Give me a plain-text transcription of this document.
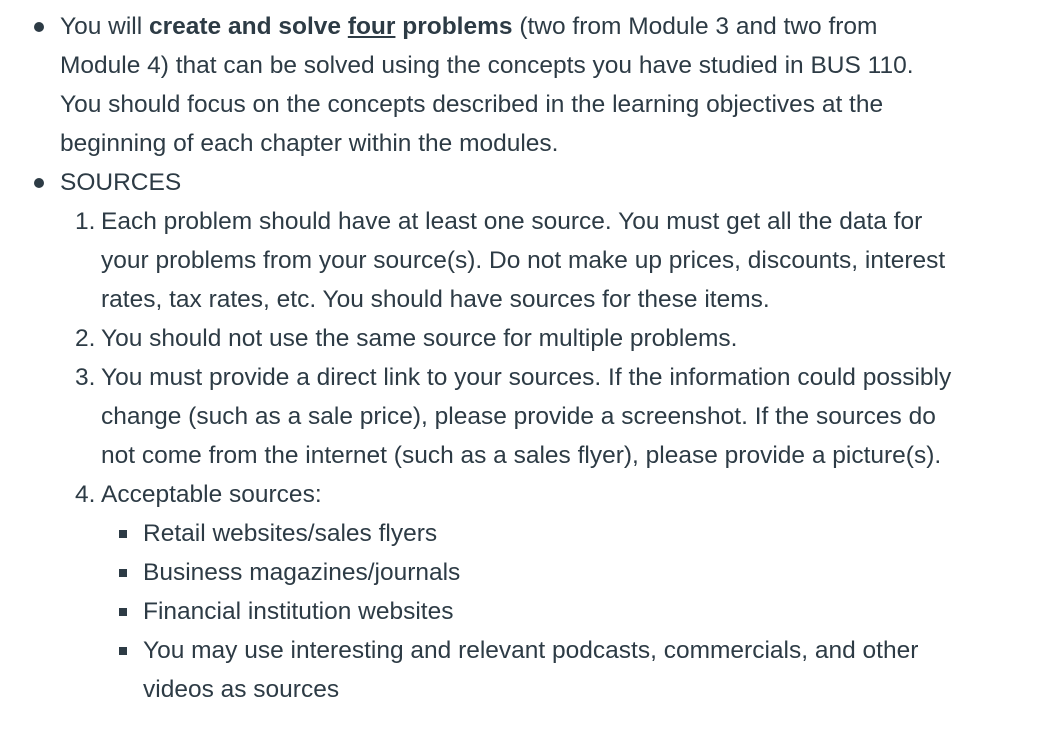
You will create and solve four problems (two from Module 3 and two from Module 4) that can be solved using the concepts you have studied in BUS 110. You should focus on the concepts described in the learning objectives at the beginning of each chapter within the modules.
SOURCES
1. Each problem should have at least one source. You must get all the data for your problems from your source(s). Do not make up prices, discounts, interest rates, tax rates, etc. You should have sources for these items.
2. You should not use the same source for multiple problems.
3. You must provide a direct link to your sources. If the information could possibly change (such as a sale price), please provide a screenshot. If the sources do not come from the internet (such as a sales flyer), please provide a picture(s).
4. Acceptable sources:
Retail websites/sales flyers
Business magazines/journals
Financial institution websites
You may use interesting and relevant podcasts, commercials, and other videos as sources
